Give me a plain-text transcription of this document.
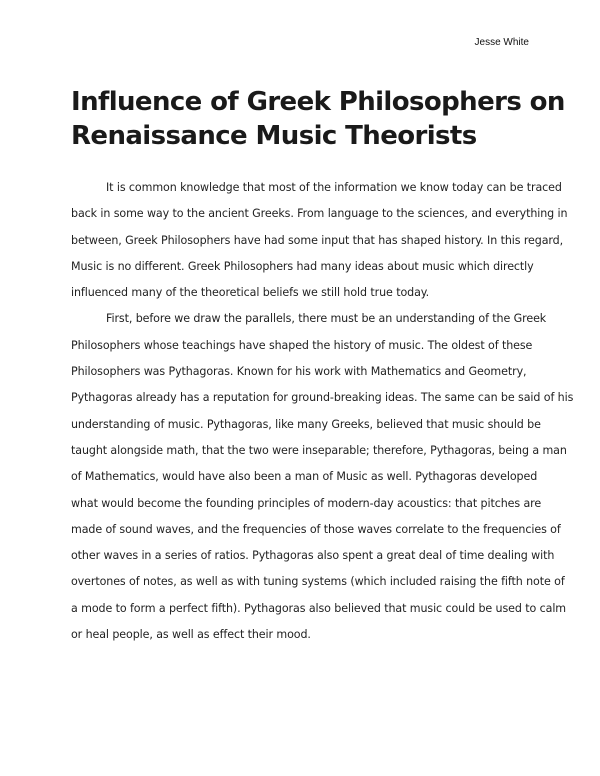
Jesse White
Influence of Greek Philosophers on
Renaissance Music Theorists

It is common knowledge that most of the information we know today can be traced
back in some way to the ancient Greeks. From language to the sciences, and everything in
between, Greek Philosophers have had some input that has shaped history. In this regard,
Music is no different. Greek Philosophers had many ideas about music which directly
influenced many of the theoretical beliefs we still hold true today.

First, before we draw the parallels, there must be an understanding of the Greek
Philosophers whose teachings have shaped the history of music. The oldest of these
Philosophers was Pythagoras. Known for his work with Mathematics and Geometry,
Pythagoras already has a reputation for ground-breaking ideas. The same can be said of his
understanding of music. Pythagoras, like many Greeks, believed that music should be
taught alongside math, that the two were inseparable; therefore, Pythagoras, being a man
of Mathematics, would have also been a man of Music as well. Pythagoras developed
what would become the founding principles of modern-day acoustics: that pitches are
made of sound waves, and the frequencies of those waves correlate to the frequencies of
other waves in a series of ratios. Pythagoras also spent a great deal of time dealing with
overtones of notes, as well as with tuning systems (which included raising the fifth note of
a mode to form a perfect fifth). Pythagoras also believed that music could be used to calm
or heal people, as well as effect their mood.
